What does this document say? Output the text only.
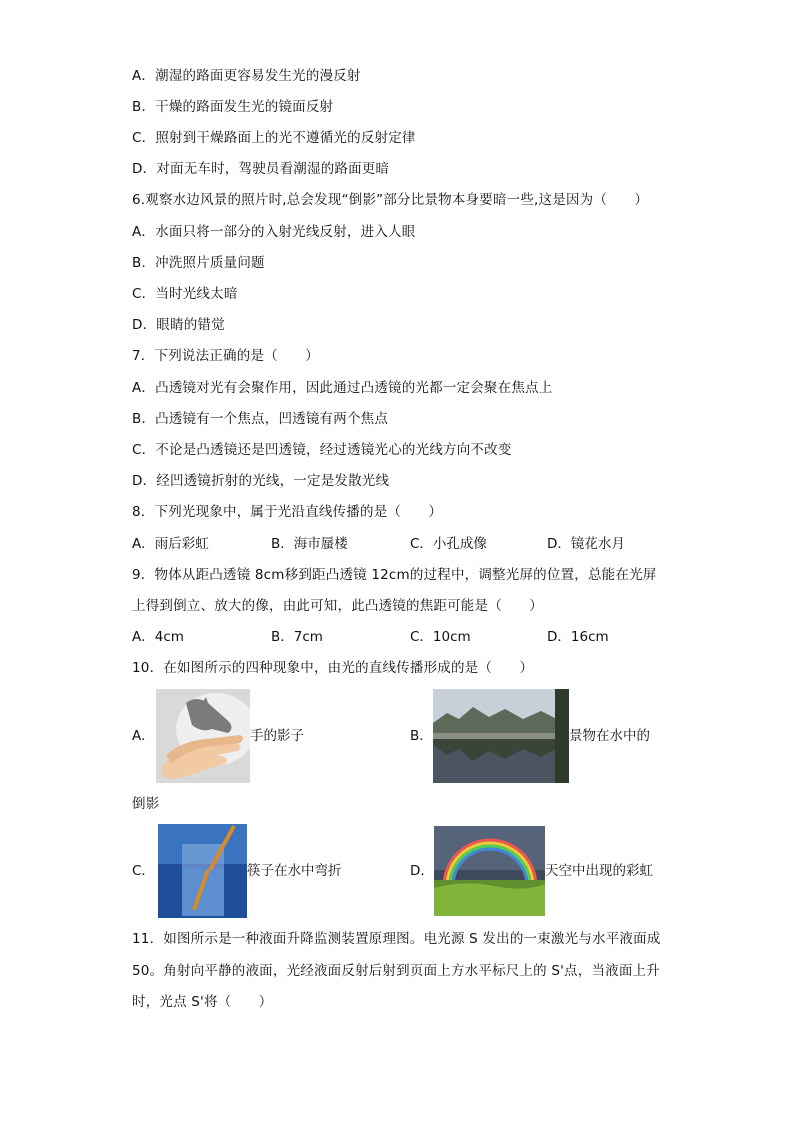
A．潮湿的路面更容易发生光的漫反射
B．干燥的路面发生光的镜面反射
C．照射到干燥路面上的光不遵循光的反射定律
D．对面无车时，驾驶员看潮湿的路面更暗
6.观察水边风景的照片时,总会发现“倒影”部分比景物本身要暗一些,这是因为（　　）
A．水面只将一部分的入射光线反射，进入人眼
B．冲洗照片质量问题
C．当时光线太暗
D．眼睛的错觉
7．下列说法正确的是（　　）
A．凸透镜对光有会聚作用，因此通过凸透镜的光都一定会聚在焦点上
B．凸透镜有一个焦点，凹透镜有两个焦点
C．不论是凸透镜还是凹透镜，经过透镜光心的光线方向不改变
D．经凹透镜折射的光线，一定是发散光线
8．下列光现象中，属于光沿直线传播的是（　　）
A．雨后彩虹	B．海市蜃楼	C．小孔成像	D．镜花水月
9．物体从距凸透镜 8cm移到距凸透镜 12cm的过程中，调整光屏的位置，总能在光屏
上得到倒立、放大的像，由此可知，此凸透镜的焦距可能是（　　）
A．4cm	B．7cm	C．10cm	D．16cm
10．在如图所示的四种现象中，由光的直线传播形成的是（　　）
A．	手的影子	B．	景物在水中的
倒影
C．	筷子在水中弯折	D．	天空中出现的彩虹
11．如图所示是一种液面升降监测装置原理图。电光源 S 发出的一束激光与水平液面成
50。角射向平静的液面，光经液面反射后射到页面上方水平标尺上的 S'点，当液面上升
时，光点 S'将（　　）
